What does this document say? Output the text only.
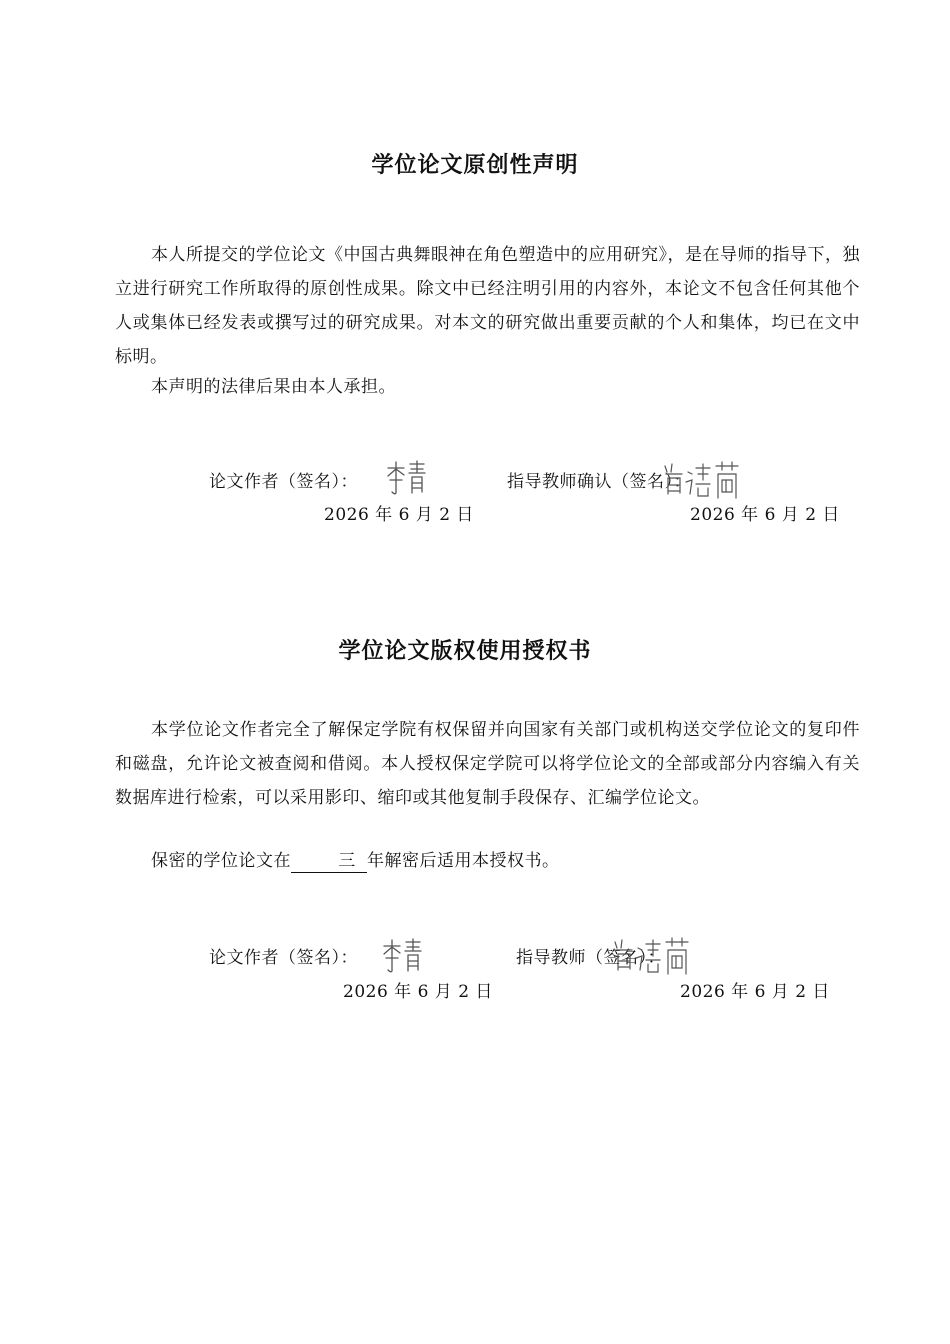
学位论文原创性声明
本人所提交的学位论文《中国古典舞眼神在角色塑造中的应用研究》，是在导师的指导下，独立进行研究工作所取得的原创性成果。除文中已经注明引用的内容外，本论文不包含任何其他个人或集体已经发表或撰写过的研究成果。对本文的研究做出重要贡献的个人和集体，均已在文中标明。
本声明的法律后果由本人承担。
论文作者（签名）：	指导教师确认（签名）：
2026 年 6 月 2 日	2026 年 6 月 2 日
学位论文版权使用授权书
本学位论文作者完全了解保定学院有权保留并向国家有关部门或机构送交学位论文的复印件和磁盘，允许论文被查阅和借阅。本人授权保定学院可以将学位论文的全部或部分内容编入有关数据库进行检索，可以采用影印、缩印或其他复制手段保存、汇编学位论文。
保密的学位论文在	三 年解密后适用本授权书。
论文作者（签名）：	指导教师（签名）：
2026 年 6 月 2 日	2026 年 6 月 2 日
